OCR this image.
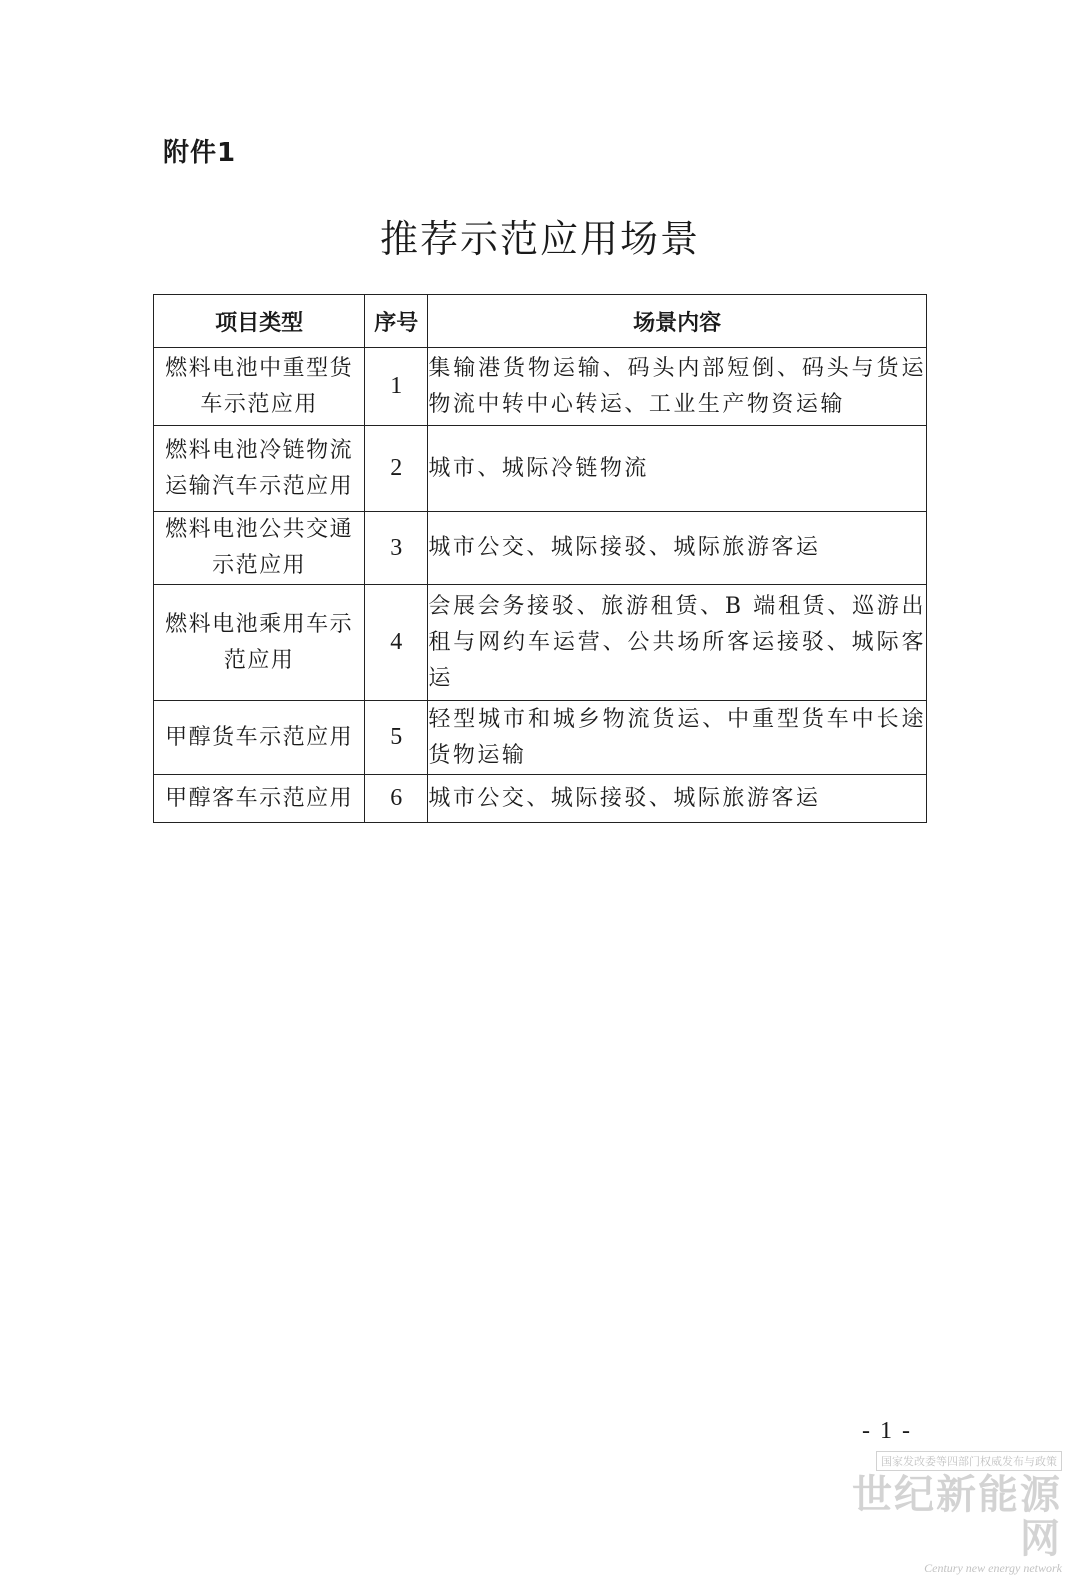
附件1
推荐示范应用场景
项目类型	序号	场景内容
燃料电池中重型货车示范应用	1	集输港货物运输、码头内部短倒、码头与货运物流中转中心转运、工业生产物资运输
燃料电池冷链物流运输汽车示范应用	2	城市、城际冷链物流
燃料电池公共交通示范应用	3	城市公交、城际接驳、城际旅游客运
燃料电池乘用车示范应用	4	会展会务接驳、旅游租赁、B 端租赁、巡游出租与网约车运营、公共场所客运接驳、城际客运
甲醇货车示范应用	5	轻型城市和城乡物流货运、中重型货车中长途货物运输
甲醇客车示范应用	6	城市公交、城际接驳、城际旅游客运
- 1 -
国家发改委等四部门权威发布与政策
世纪新能源网
Century new energy network
